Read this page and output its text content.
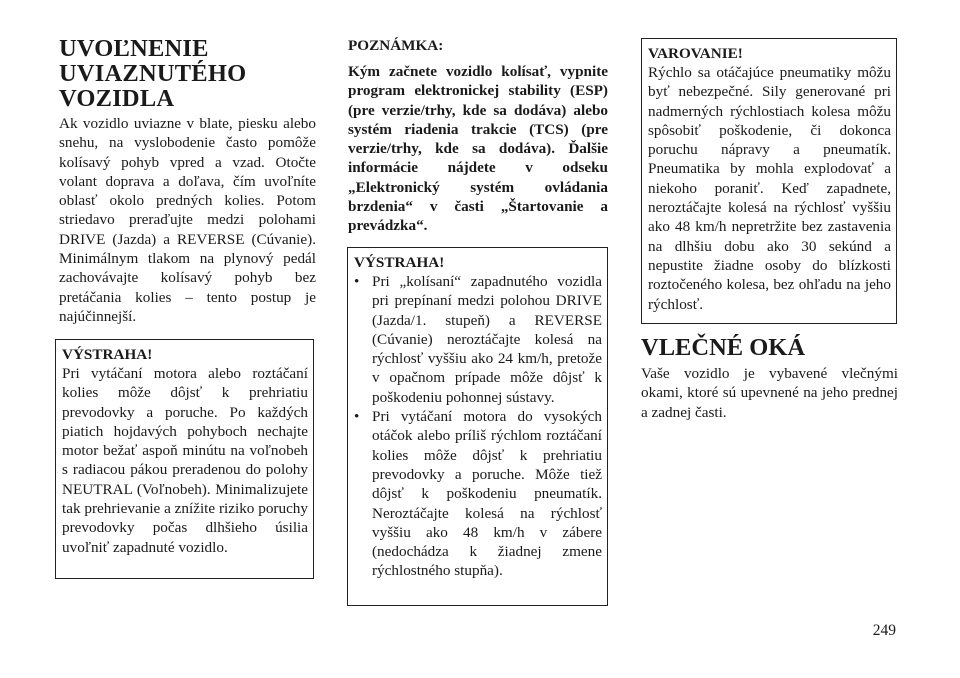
UVOĽNENIE
UVIAZNUTÉHO
VOZIDLA

Ak vozidlo uviazne v blate, piesku alebo snehu, na vyslobodenie často pomôže kolísavý pohyb vpred a vzad. Otočte volant doprava a doľava, čím uvoľníte oblasť okolo predných kolies. Potom striedavo preraďujte medzi polohami DRIVE (Jazda) a REVERSE (Cúvanie). Minimálnym tlakom na plynový pedál zachovávajte kolísavý pohyb bez pretáčania kolies – tento postup je najúčinnejší.

VÝSTRAHA!

Pri vytáčaní motora alebo roztáčaní kolies môže dôjsť k prehriatiu prevodovky a poruche. Po každých piatich hojdavých pohyboch nechajte motor bežať aspoň minútu na voľnobeh s radiacou pákou preradenou do polohy NEUTRAL (Voľnobeh). Minimalizujete tak prehrievanie a znížite riziko poruchy prevodovky počas dlhšieho úsilia uvoľniť zapadnuté vozidlo.

POZNÁMKA:

Kým začnete vozidlo kolísať, vypnite program elektronickej stability (ESP) (pre verzie/trhy, kde sa dodáva) alebo systém riadenia trakcie (TCS) (pre verzie/trhy, kde sa dodáva). Ďalšie informácie nájdete v odseku „Elektronický systém ovládania brzdenia“ v časti „Štartovanie a prevádzka“.

VÝSTRAHA!

• Pri „kolísaní“ zapadnutého vozidla pri prepínaní medzi polohou DRIVE (Jazda/1. stupeň) a REVERSE (Cúvanie) neroztáčajte kolesá na rýchlosť vyššiu ako 24 km/h, pretože v opačnom prípade môže dôjsť k poškodeniu pohonnej sústavy.
• Pri vytáčaní motora do vysokých otáčok alebo príliš rýchlom roztáčaní kolies môže dôjsť k prehriatiu prevodovky a poruche. Môže tiež dôjsť k poškodeniu pneumatík. Neroztáčajte kolesá na rýchlosť vyššiu ako 48 km/h v zábere (nedochádza k žiadnej zmene rýchlostného stupňa).

VAROVANIE!

Rýchlo sa otáčajúce pneumatiky môžu byť nebezpečné. Sily generované pri nadmerných rýchlostiach kolesa môžu spôsobiť poškodenie, či dokonca poruchu nápravy a pneumatík. Pneumatika by mohla explodovať a niekoho poraniť. Keď zapadnete, neroztáčajte kolesá na rýchlosť vyššiu ako 48 km/h nepretržite bez zastavenia na dlhšiu dobu ako 30 sekúnd a nepustite žiadne osoby do blízkosti roztočeného kolesa, bez ohľadu na jeho rýchlosť.

VLEČNÉ OKÁ

Vaše vozidlo je vybavené vlečnými okami, ktoré sú upevnené na jeho prednej a zadnej časti.

249
